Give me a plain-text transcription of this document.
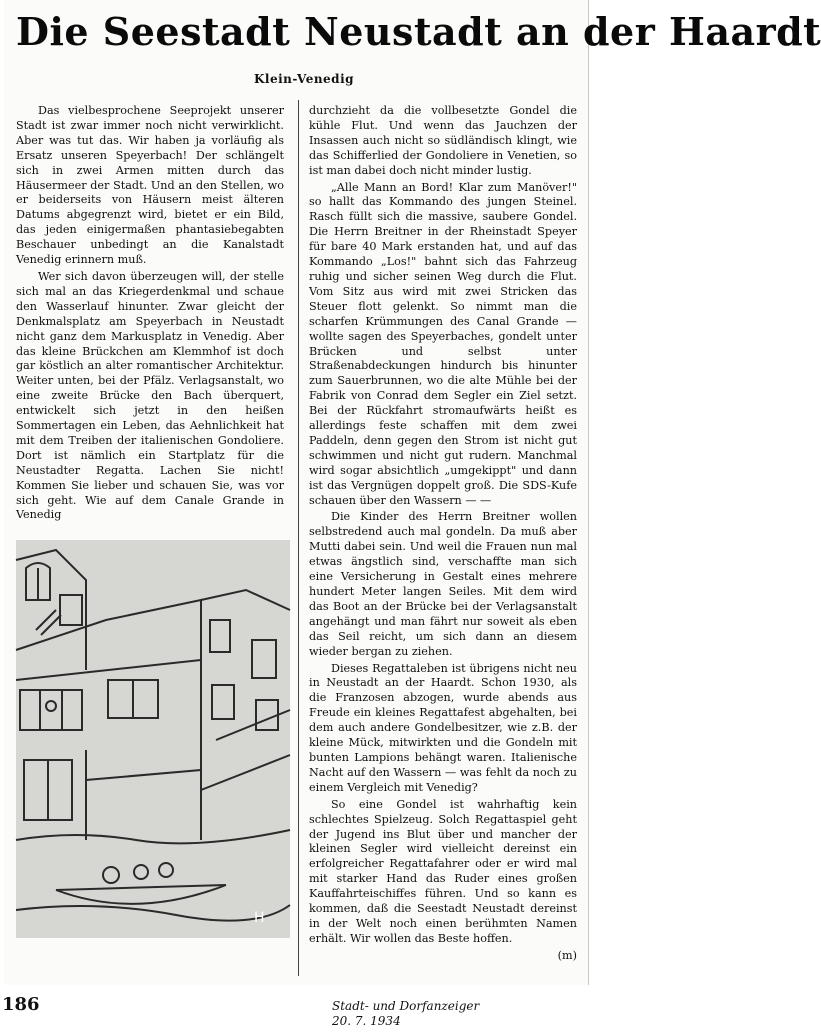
Die Seestadt Neustadt an der Haardt
Klein-Venedig

Das vielbesprochene Seeprojekt unserer Stadt ist zwar immer noch nicht verwirklicht. Aber was tut das. Wir haben ja vorläufig als Ersatz unseren Speyerbach! Der schlängelt sich in zwei Armen mitten durch das Häusermeer der Stadt. Und an den Stellen, wo er beiderseits von Häusern meist älteren Datums abgegrenzt wird, bietet er ein Bild, das jeden einigermaßen phantasiebegabten Beschauer unbedingt an die Kanalstadt Venedig erinnern muß.

Wer sich davon überzeugen will, der stelle sich mal an das Kriegerdenkmal und schaue den Wasserlauf hinunter. Zwar gleicht der Denkmalsplatz am Speyerbach in Neustadt nicht ganz dem Markusplatz in Venedig. Aber das kleine Brückchen am Klemmhof ist doch gar köstlich an alter romantischer Architektur. Weiter unten, bei der Pfälz. Verlagsanstalt, wo eine zweite Brücke den Bach überquert, entwickelt sich jetzt in den heißen Sommertagen ein Leben, das Aehnlichkeit hat mit dem Treiben der italienischen Gondoliere. Dort ist nämlich ein Startplatz für die Neustadter Regatta. Lachen Sie nicht! Kommen Sie lieber und schauen Sie, was vor sich geht. Wie auf dem Canale Grande in Venedig

durchzieht da die vollbesetzte Gondel die kühle Flut. Und wenn das Jauchzen der Insassen auch nicht so südländisch klingt, wie das Schifferlied der Gondoliere in Venetien, so ist man dabei doch nicht minder lustig.

„Alle Mann an Bord! Klar zum Manöver!" so hallt das Kommando des jungen Steinel. Rasch füllt sich die massive, saubere Gondel. Die Herrn Breitner in der Rheinstadt Speyer für bare 40 Mark erstanden hat, und auf das Kommando „Los!" bahnt sich das Fahrzeug ruhig und sicher seinen Weg durch die Flut. Vom Sitz aus wird mit zwei Stricken das Steuer flott gelenkt. So nimmt man die scharfen Krümmungen des Canal Grande — wollte sagen des Speyerbaches, gondelt unter Brücken und selbst unter Straßenabdeckungen hindurch bis hinunter zum Sauerbrunnen, wo die alte Mühle bei der Fabrik von Conrad dem Segler ein Ziel setzt. Bei der Rückfahrt stromaufwärts heißt es allerdings feste schaffen mit dem zwei Paddeln, denn gegen den Strom ist nicht gut schwimmen und nicht gut rudern. Manchmal wird sogar absichtlich „umgekippt" und dann ist das Vergnügen doppelt groß. Die SDS-Kufe schauen über den Wassern — —

Die Kinder des Herrn Breitner wollen selbstredend auch mal gondeln. Da muß aber Mutti dabei sein. Und weil die Frauen nun mal etwas ängstlich sind, verschaffte man sich eine Versicherung in Gestalt eines mehrere hundert Meter langen Seiles. Mit dem wird das Boot an der Brücke bei der Verlagsanstalt angehängt und man fährt nur soweit als eben das Seil reicht, um sich dann an diesem wieder bergan zu ziehen.

Dieses Regattaleben ist übrigens nicht neu in Neustadt an der Haardt. Schon 1930, als die Franzosen abzogen, wurde abends aus Freude ein kleines Regattafest abgehalten, bei dem auch andere Gondelbesitzer, wie z.B. der kleine Mück, mitwirkten und die Gondeln mit bunten Lampions behängt waren. Italienische Nacht auf den Wassern — was fehlt da noch zu einem Vergleich mit Venedig?

So eine Gondel ist wahrhaftig kein schlechtes Spielzeug. Solch Regattaspiel geht der Jugend ins Blut über und mancher der kleinen Segler wird vielleicht dereinst ein erfolgreicher Regattafahrer oder er wird mal mit starker Hand das Ruder eines großen Kauffahrteischiffes führen. Und so kann es kommen, daß die Seestadt Neustadt dereinst in der Welt noch einen berühmten Namen erhält. Wir wollen das Beste hoffen.

(m)

H
186	Stadt- und Dorfanzeiger
20. 7. 1934
